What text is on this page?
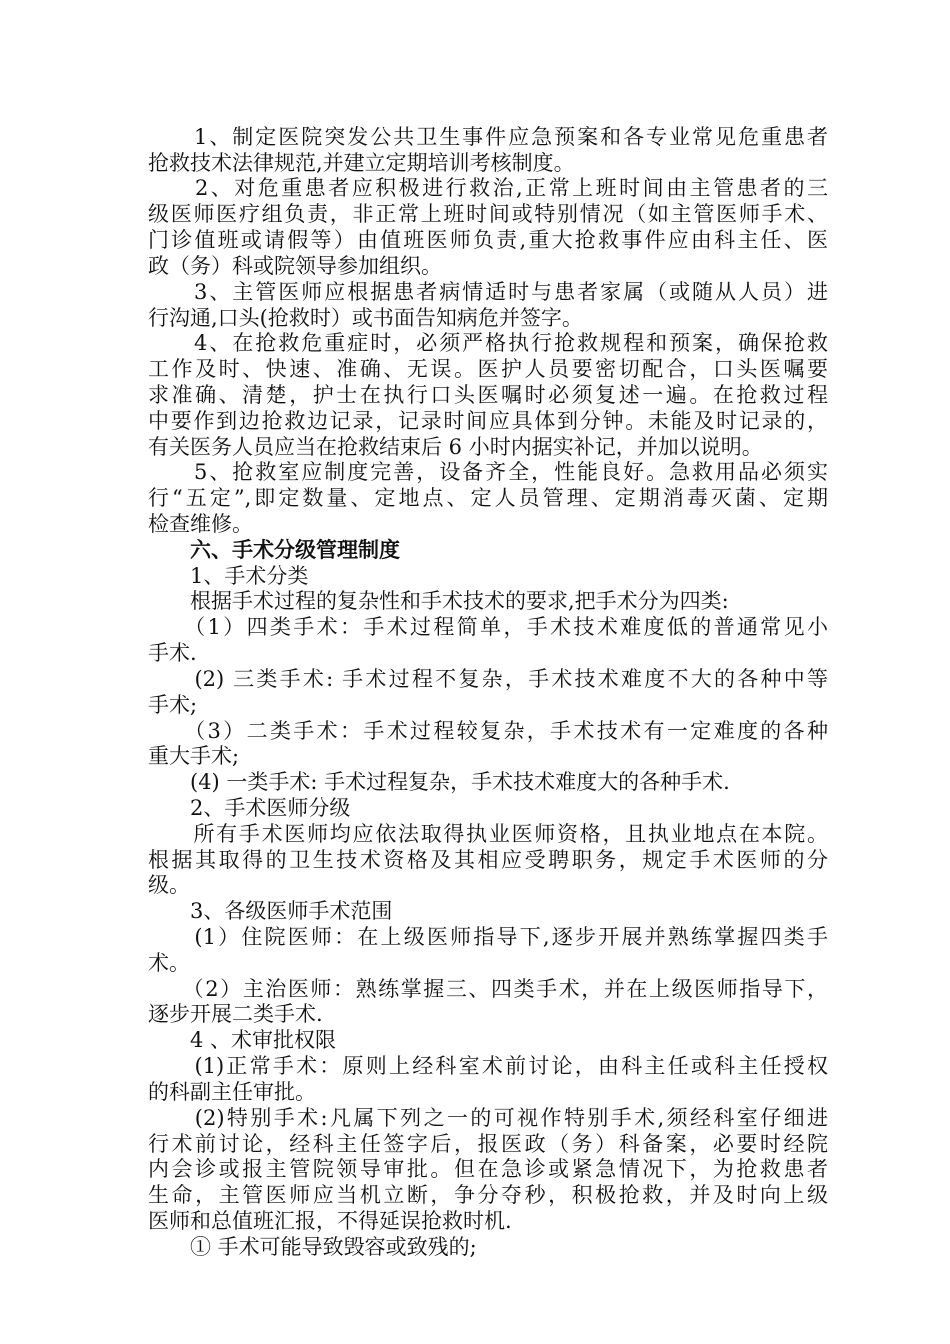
　　1、制定医院突发公共卫生事件应急预案和各专业常见危重患者
抢救技术法律规范,并建立定期培训考核制度。
　　2、对危重患者应积极进行救治,正常上班时间由主管患者的三
级医师医疗组负责，非正常上班时间或特别情况（如主管医师手术、
门诊值班或请假等）由值班医师负责,重大抢救事件应由科主任、医
政（务）科或院领导参加组织。
　　3、主管医师应根据患者病情适时与患者家属（或随从人员）进
行沟通,口头(抢救时）或书面告知病危并签字。
　　4、在抢救危重症时，必须严格执行抢救规程和预案，确保抢救
工作及时、快速、准确、无误。医护人员要密切配合，口头医嘱要
求准确、清楚，护士在执行口头医嘱时必须复述一遍。在抢救过程
中要作到边抢救边记录，记录时间应具体到分钟。未能及时记录的，
有关医务人员应当在抢救结束后 6 小时内据实补记，并加以说明。
　　5、抢救室应制度完善，设备齐全，性能良好。急救用品必须实
行“五定”,即定数量、定地点、定人员管理、定期消毒灭菌、定期
检查维修。
　　六、手术分级管理制度
　　1、手术分类
　　根据手术过程的复杂性和手术技术的要求,把手术分为四类:
　　（1）四类手术：手术过程简单，手术技术难度低的普通常见小
手术.
　　(2) 三类手术: 手术过程不复杂，手术技术难度不大的各种中等
手术;
　　（3）二类手术：手术过程较复杂，手术技术有一定难度的各种
重大手术;
　　(4) 一类手术: 手术过程复杂，手术技术难度大的各种手术.
　　2、手术医师分级
　　所有手术医师均应依法取得执业医师资格，且执业地点在本院。
根据其取得的卫生技术资格及其相应受聘职务，规定手术医师的分
级。
　　3、各级医师手术范围
　　(1）住院医师：在上级医师指导下,逐步开展并熟练掌握四类手
术。
　　（2）主治医师：熟练掌握三、四类手术，并在上级医师指导下，
逐步开展二类手术.
　　4 、术审批权限
　　(1)正常手术：原则上经科室术前讨论，由科主任或科主任授权
的科副主任审批。
　　(2)特别手术:凡属下列之一的可视作特别手术,须经科室仔细进
行术前讨论，经科主任签字后，报医政（务）科备案，必要时经院
内会诊或报主管院领导审批。但在急诊或紧急情况下，为抢救患者
生命，主管医师应当机立断，争分夺秒，积极抢救，并及时向上级
医师和总值班汇报，不得延误抢救时机.
　　① 手术可能导致毁容或致残的;
